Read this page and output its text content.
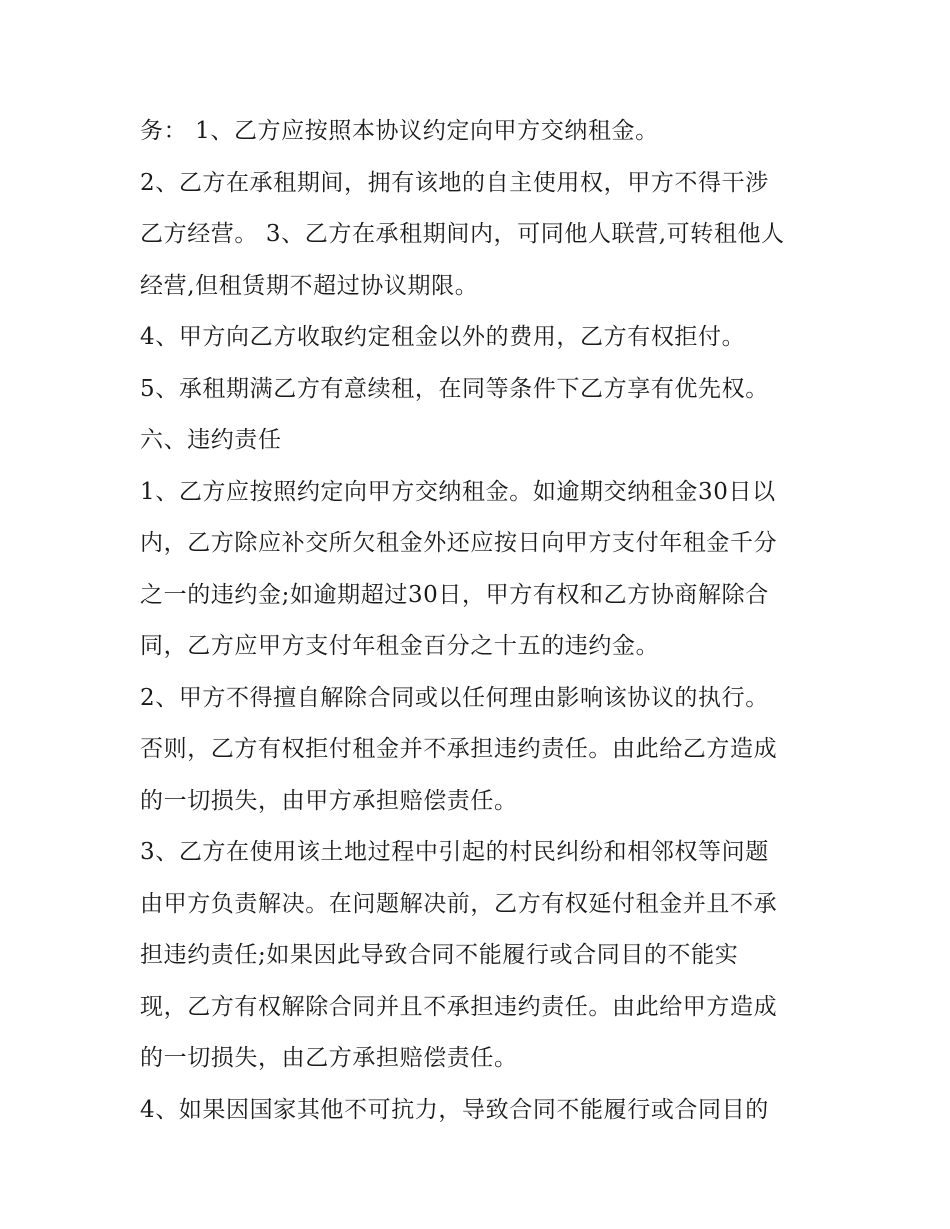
务： 1、乙方应按照本协议约定向甲方交纳租金。
2、乙方在承租期间，拥有该地的自主使用权，甲方不得干涉
乙方经营。 3、乙方在承租期间内，可同他人联营,可转租他人
经营,但租赁期不超过协议期限。
4、甲方向乙方收取约定租金以外的费用，乙方有权拒付。
5、承租期满乙方有意续租，在同等条件下乙方享有优先权。
六、违约责任
1、乙方应按照约定向甲方交纳租金。如逾期交纳租金30日以
内，乙方除应补交所欠租金外还应按日向甲方支付年租金千分
之一的违约金;如逾期超过30日，甲方有权和乙方协商解除合
同，乙方应甲方支付年租金百分之十五的违约金。
2、甲方不得擅自解除合同或以任何理由影响该协议的执行。
否则，乙方有权拒付租金并不承担违约责任。由此给乙方造成
的一切损失，由甲方承担赔偿责任。
3、乙方在使用该土地过程中引起的村民纠纷和相邻权等问题
由甲方负责解决。在问题解决前，乙方有权延付租金并且不承
担违约责任;如果因此导致合同不能履行或合同目的不能实
现，乙方有权解除合同并且不承担违约责任。由此给甲方造成
的一切损失，由乙方承担赔偿责任。
4、如果因国家其他不可抗力，导致合同不能履行或合同目的
